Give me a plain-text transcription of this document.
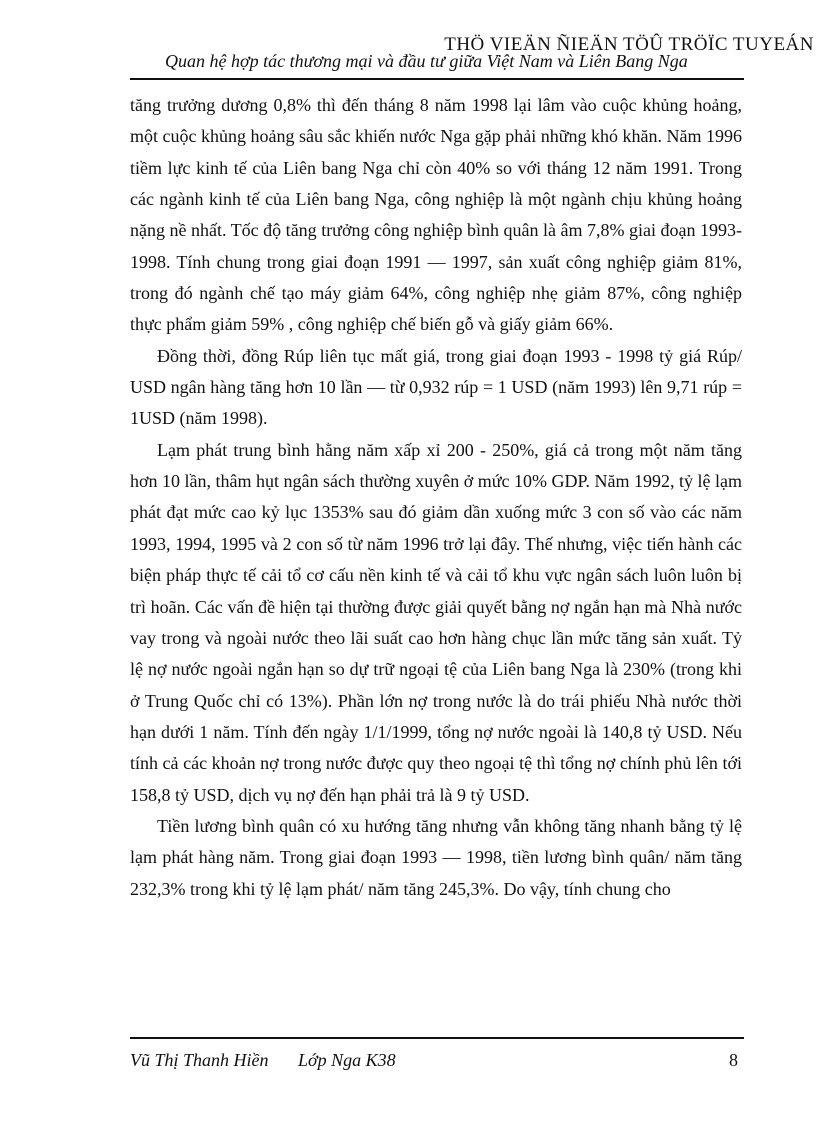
THÖ VIEÄN ÑIEÄN TÖÛ TRÖÏC TUYEÁN
Quan hệ hợp tác thương mại và đầu tư giữa Việt Nam và Liên Bang Nga

tăng trưởng dương 0,8% thì đến tháng 8 năm 1998 lại lâm vào cuộc khủng hoảng, một cuộc khủng hoảng sâu sắc khiến nước Nga gặp phải những khó khăn. Năm 1996 tiềm lực kinh tế của Liên bang Nga chỉ còn 40% so với tháng 12 năm 1991. Trong các ngành kinh tế của Liên bang Nga, công nghiệp là một ngành chịu khủng hoảng nặng nề nhất. Tốc độ tăng trưởng công nghiệp bình quân là âm 7,8% giai đoạn 1993-1998. Tính chung trong giai đoạn 1991 — 1997, sản xuất công nghiệp giảm 81%, trong đó ngành chế tạo máy giảm 64%, công nghiệp nhẹ giảm 87%, công nghiệp thực phẩm giảm 59% , công nghiệp chế biến gỗ và giấy giảm 66%.

Đồng thời, đồng Rúp liên tục mất giá, trong giai đoạn 1993 - 1998 tỷ giá Rúp/ USD ngân hàng tăng hơn 10 lần — từ 0,932 rúp = 1 USD (năm 1993) lên 9,71 rúp = 1USD (năm 1998).

Lạm phát trung bình hằng năm xấp xỉ 200 - 250%, giá cả trong một năm tăng hơn 10 lần, thâm hụt ngân sách thường xuyên ở mức 10% GDP. Năm 1992, tỷ lệ lạm phát đạt mức cao kỷ lục 1353% sau đó giảm dần xuống mức 3 con số vào các năm 1993, 1994, 1995 và 2 con số từ năm 1996 trở lại đây. Thế nhưng, việc tiến hành các biện pháp thực tế cải tổ cơ cấu nền kinh tế và cải tổ khu vực ngân sách luôn luôn bị trì hoãn. Các vấn đề hiện tại thường được giải quyết bằng nợ ngắn hạn mà Nhà nước vay trong và ngoài nước theo lãi suất cao hơn hàng chục lần mức tăng sản xuất. Tỷ lệ nợ nước ngoài ngắn hạn so dự trữ ngoại tệ của Liên bang Nga là 230% (trong khi ở Trung Quốc chỉ có 13%). Phần lớn nợ trong nước là do trái phiếu Nhà nước thời hạn dưới 1 năm. Tính đến ngày 1/1/1999, tổng nợ nước ngoài là 140,8 tỷ USD. Nếu tính cả các khoản nợ trong nước được quy theo ngoại tệ thì tổng nợ chính phủ lên tới 158,8 tỷ USD, dịch vụ nợ đến hạn phải trả là 9 tỷ USD.

Tiền lương bình quân có xu hướng tăng nhưng vẫn không tăng nhanh bằng tỷ lệ lạm phát hàng năm. Trong giai đoạn 1993 — 1998, tiền lương bình quân/ năm tăng 232,3% trong khi tỷ lệ lạm phát/ năm tăng 245,3%. Do vậy, tính chung cho

Vũ Thị Thanh Hiền Lớp Nga K38	8
